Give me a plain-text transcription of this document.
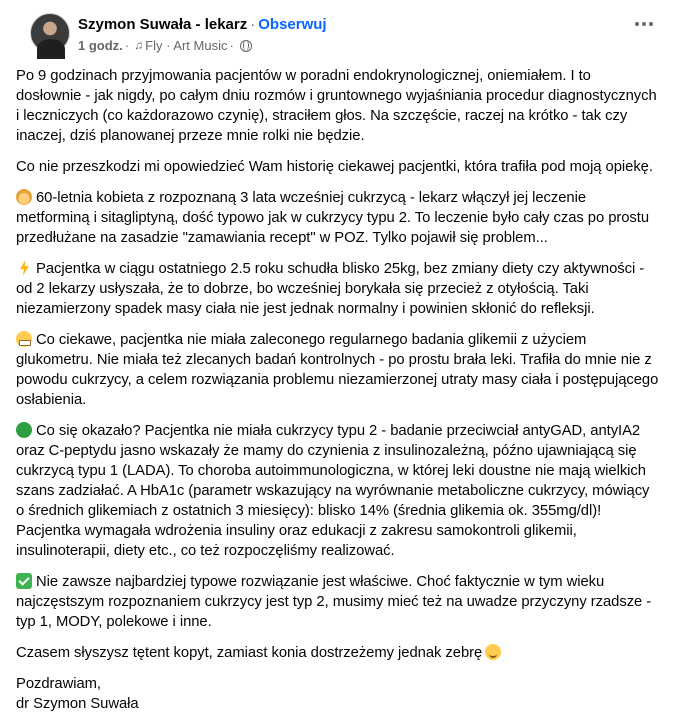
Szymon Suwała - lekarz · Obserwuj
1 godz. · ♫ Fly · Art Music ·

Po 9 godzinach przyjmowania pacjentów w poradni endokrynologicznej, oniemiałem. I to dosłownie - jak nigdy, po całym dniu rozmów i gruntownego wyjaśniania procedur diagnostycznych i leczniczych (co każdorazowo czynię), straciłem głos. Na szczęście, raczej na krótko - tak czy inaczej, dziś planowanej przeze mnie rolki nie będzie.

Co nie przeszkodzi mi opowiedzieć Wam historię ciekawej pacjentki, która trafiła pod moją opiekę.

60-letnia kobieta z rozpoznaną 3 lata wcześniej cukrzycą - lekarz włączył jej leczenie metforminą i sitagliptyną, dość typowo jak w cukrzycy typu 2. To leczenie było cały czas po prostu przedłużane na zasadzie "zamawiania recept" w POZ. Tylko pojawił się problem...

Pacjentka w ciągu ostatniego 2.5 roku schudła blisko 25kg, bez zmiany diety czy aktywności - od 2 lekarzy usłyszała, że to dobrze, bo wcześniej borykała się przecież z otyłością. Taki niezamierzony spadek masy ciała nie jest jednak normalny i powinien skłonić do refleksji.

Co ciekawe, pacjentka nie miała zaleconego regularnego badania glikemii z użyciem glukometru. Nie miała też zlecanych badań kontrolnych - po prostu brała leki. Trafiła do mnie nie z powodu cukrzycy, a celem rozwiązania problemu niezamierzonej utraty masy ciała i postępującego osłabienia.

Co się okazało? Pacjentka nie miała cukrzycy typu 2 - badanie przeciwciał antyGAD, antyIA2 oraz C-peptydu jasno wskazały że mamy do czynienia z insulinozależną, późno ujawniającą się cukrzycą typu 1 (LADA). To choroba autoimmunologiczna, w której leki doustne nie mają wielkich szans zadziałać. A HbA1c (parametr wskazujący na wyrównanie metaboliczne cukrzycy, mówiący o średnich glikemiach z ostatnich 3 miesięcy): blisko 14% (średnia glikemia ok. 355mg/dl)! Pacjentka wymagała wdrożenia insuliny oraz edukacji z zakresu samokontroli glikemii, insulinoterapii, diety etc., co też rozpoczęliśmy realizować.

Nie zawsze najbardziej typowe rozwiązanie jest właściwe. Choć faktycznie w tym wieku najczęstszym rozpoznaniem cukrzycy jest typ 2, musimy mieć też na uwadze przyczyny rzadsze - typ 1, MODY, polekowe i inne.

Czasem słyszysz tętent kopyt, zamiast konia dostrzeżemy jednak zebrę

Pozdrawiam,
dr Szymon Suwała
